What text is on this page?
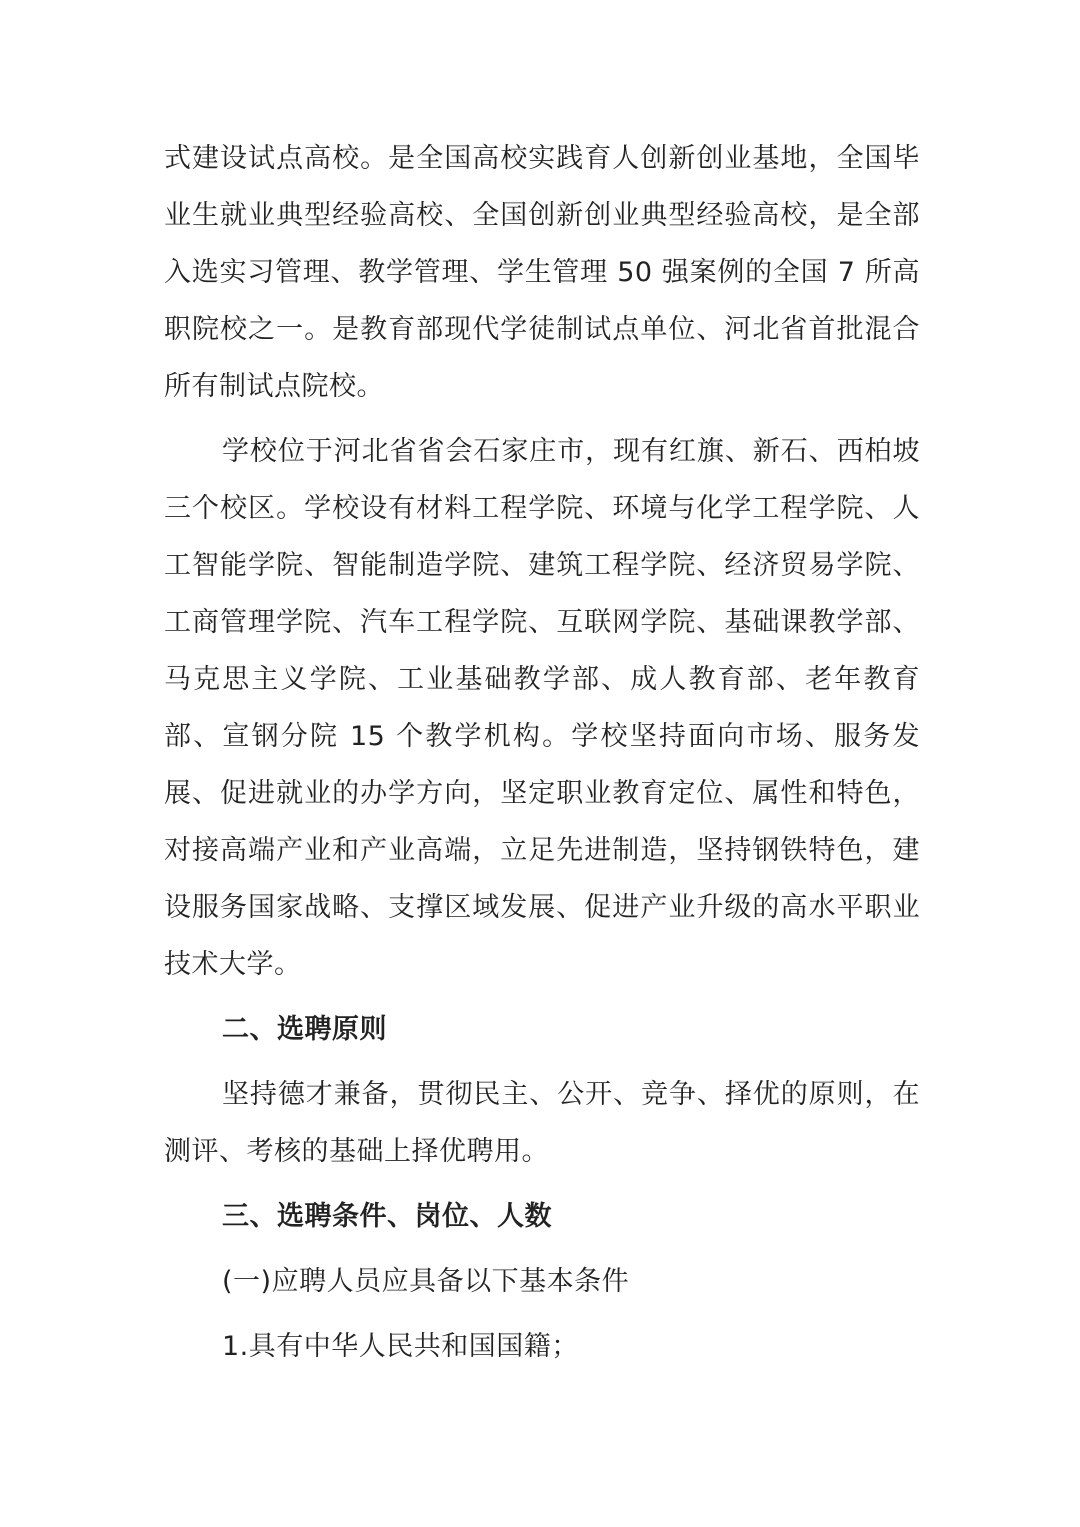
式建设试点高校。是全国高校实践育人创新创业基地，全国毕业生就业典型经验高校、全国创新创业典型经验高校，是全部入选实习管理、教学管理、学生管理 50 强案例的全国 7 所高职院校之一。是教育部现代学徒制试点单位、河北省首批混合所有制试点院校。

学校位于河北省省会石家庄市，现有红旗、新石、西柏坡三个校区。学校设有材料工程学院、环境与化学工程学院、人工智能学院、智能制造学院、建筑工程学院、经济贸易学院、工商管理学院、汽车工程学院、互联网学院、基础课教学部、马克思主义学院、工业基础教学部、成人教育部、老年教育部、宣钢分院 15 个教学机构。学校坚持面向市场、服务发展、促进就业的办学方向，坚定职业教育定位、属性和特色，对接高端产业和产业高端，立足先进制造，坚持钢铁特色，建设服务国家战略、支撑区域发展、促进产业升级的高水平职业技术大学。

二、选聘原则

坚持德才兼备，贯彻民主、公开、竞争、择优的原则，在测评、考核的基础上择优聘用。

三、选聘条件、岗位、人数

(一)应聘人员应具备以下基本条件

1.具有中华人民共和国国籍；
